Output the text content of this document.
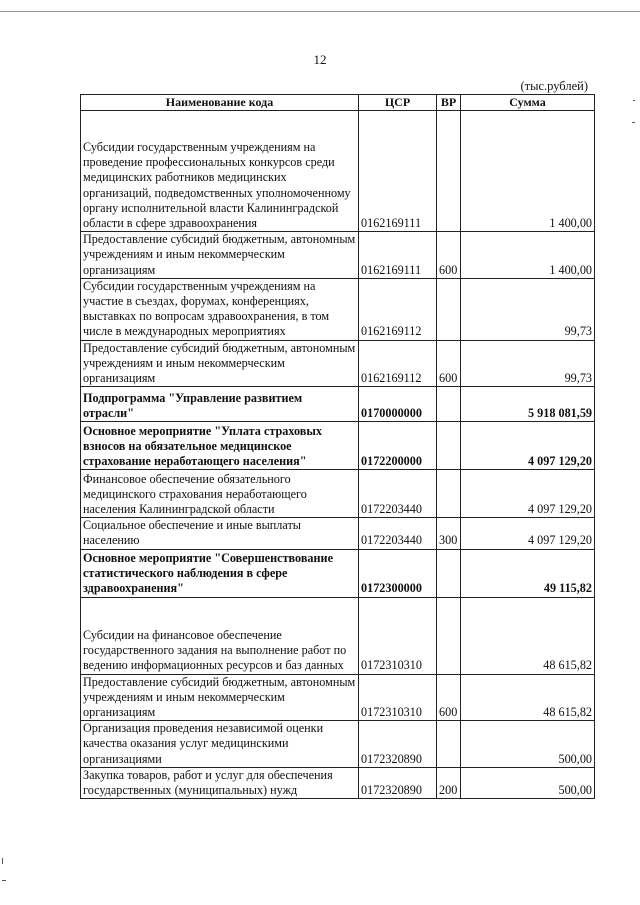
12
(тыс.рублей)
Наименование кода	ЦСР	ВР	Сумма
Субсидии государственным учреждениям на проведение профессиональных конкурсов среди медицинских работников медицинских организаций, подведомственных уполномоченному органу исполнительной власти Калининградской области в сфере здравоохранения	0162169111		1 400,00
Предоставление субсидий бюджетным, автономным учреждениям и иным некоммерческим организациям	0162169111	600	1 400,00
Субсидии государственным учреждениям на участие в съездах, форумах, конференциях, выставках по вопросам здравоохранения, в том числе в международных мероприятиях	0162169112		99,73
Предоставление субсидий бюджетным, автономным учреждениям и иным некоммерческим организациям	0162169112	600	99,73
Подпрограмма "Управление развитием отрасли"	0170000000		5 918 081,59
Основное мероприятие "Уплата страховых взносов на обязательное медицинское страхование неработающего населения"	0172200000		4 097 129,20
Финансовое обеспечение обязательного медицинского страхования неработающего населения Калининградской области	0172203440		4 097 129,20
Социальное обеспечение и иные выплаты населению	0172203440	300	4 097 129,20
Основное мероприятие "Совершенствование статистического наблюдения в сфере здравоохранения"	0172300000		49 115,82
Субсидии на финансовое обеспечение государственного задания на выполнение работ по ведению информационных ресурсов и баз данных	0172310310		48 615,82
Предоставление субсидий бюджетным, автономным учреждениям и иным некоммерческим организациям	0172310310	600	48 615,82
Организация проведения независимой оценки качества оказания услуг медицинскими организациями	0172320890		500,00
Закупка товаров, работ и услуг для обеспечения государственных (муниципальных) нужд	0172320890	200	500,00
